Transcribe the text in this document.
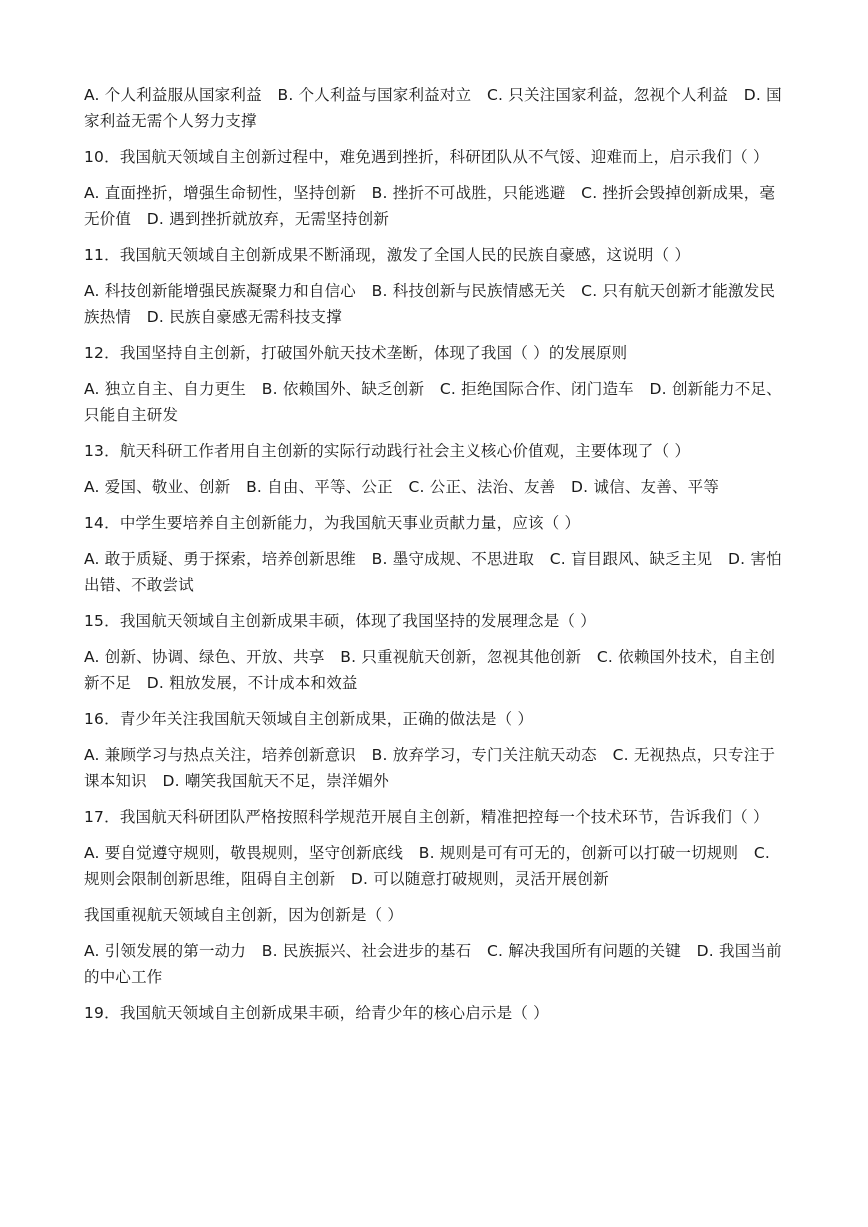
A. 个人利益服从国家利益　B. 个人利益与国家利益对立　C. 只关注国家利益，忽视个人利益　D. 国家利益无需个人努力支撑

10．我国航天领域自主创新过程中，难免遇到挫折，科研团队从不气馁、迎难而上，启示我们（ ）

A. 直面挫折，增强生命韧性，坚持创新　B. 挫折不可战胜，只能逃避　C. 挫折会毁掉创新成果，毫无价值　D. 遇到挫折就放弃，无需坚持创新

11．我国航天领域自主创新成果不断涌现，激发了全国人民的民族自豪感，这说明（ ）

A. 科技创新能增强民族凝聚力和自信心　B. 科技创新与民族情感无关　C. 只有航天创新才能激发民族热情　D. 民族自豪感无需科技支撑

12．我国坚持自主创新，打破国外航天技术垄断，体现了我国（ ）的发展原则

A. 独立自主、自力更生　B. 依赖国外、缺乏创新　C. 拒绝国际合作、闭门造车　D. 创新能力不足、只能自主研发

13．航天科研工作者用自主创新的实际行动践行社会主义核心价值观，主要体现了（ ）

A. 爱国、敬业、创新　B. 自由、平等、公正　C. 公正、法治、友善　D. 诚信、友善、平等

14．中学生要培养自主创新能力，为我国航天事业贡献力量，应该（ ）

A. 敢于质疑、勇于探索，培养创新思维　B. 墨守成规、不思进取　C. 盲目跟风、缺乏主见　D. 害怕出错、不敢尝试

15．我国航天领域自主创新成果丰硕，体现了我国坚持的发展理念是（ ）

A. 创新、协调、绿色、开放、共享　B. 只重视航天创新，忽视其他创新　C. 依赖国外技术，自主创新不足　D. 粗放发展，不计成本和效益

16．青少年关注我国航天领域自主创新成果，正确的做法是（ ）

A. 兼顾学习与热点关注，培养创新意识　B. 放弃学习，专门关注航天动态　C. 无视热点，只专注于课本知识　D. 嘲笑我国航天不足，崇洋媚外

17．我国航天科研团队严格按照科学规范开展自主创新，精准把控每一个技术环节，告诉我们（ ）

A. 要自觉遵守规则，敬畏规则，坚守创新底线　B. 规则是可有可无的，创新可以打破一切规则　C. 规则会限制创新思维，阻碍自主创新　D. 可以随意打破规则，灵活开展创新

我国重视航天领域自主创新，因为创新是（ ）

A. 引领发展的第一动力　B. 民族振兴、社会进步的基石　C. 解决我国所有问题的关键　D. 我国当前的中心工作

19．我国航天领域自主创新成果丰硕，给青少年的核心启示是（ ）
